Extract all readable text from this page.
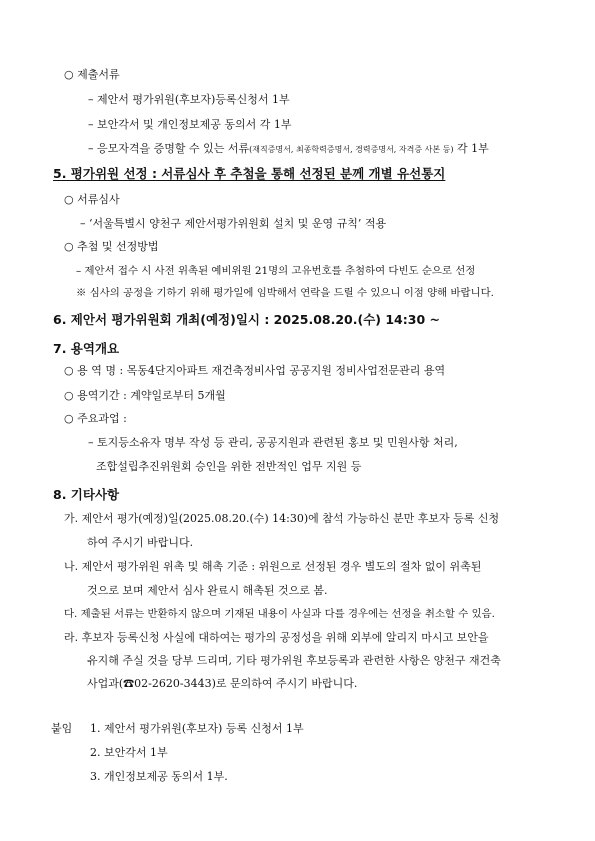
○ 제출서류
– 제안서 평가위원(후보자)등록신청서 1부
– 보안각서 및 개인정보제공 동의서 각 1부
– 응모자격을 증명할 수 있는 서류(재직증명서, 최종학력증명서, 경력증명서, 자격증 사본 등) 각 1부
5. 평가위원 선정 : 서류심사 후 추첨을 통해 선정된 분께 개별 유선통지
○ 서류심사
– ‘서울특별시 양천구 제안서평가위원회 설치 및 운영 규칙’ 적용
○ 추첨 및 선정방법
– 제안서 접수 시 사전 위촉된 예비위원 21명의 고유번호를 추첨하여 다빈도 순으로 선정
※ 심사의 공정을 기하기 위해 평가일에 임박해서 연락을 드릴 수 있으니 이점 양해 바랍니다.
6. 제안서 평가위원회 개최(예정)일시 : 2025.08.20.(수) 14:30 ~
7. 용역개요
○ 용 역 명 : 목동4단지아파트 재건축정비사업 공공지원 정비사업전문관리 용역
○ 용역기간 : 계약일로부터 5개월
○ 주요과업 :
– 토지등소유자 명부 작성 등 관리, 공공지원과 관련된 홍보 및 민원사항 처리,
조합설립추진위원회 승인을 위한 전반적인 업무 지원 등
8. 기타사항
가. 제안서 평가(예정)일(2025.08.20.(수) 14:30)에 참석 가능하신 분만 후보자 등록 신청
하여 주시기 바랍니다.
나. 제안서 평가위원 위촉 및 해촉 기준 : 위원으로 선정된 경우 별도의 절차 없이 위촉된
것으로 보며 제안서 심사 완료시 해촉된 것으로 봄.
다. 제출된 서류는 반환하지 않으며 기재된 내용이 사실과 다를 경우에는 선정을 취소할 수 있음.
라. 후보자 등록신청 사실에 대하여는 평가의 공정성을 위해 외부에 알리지 마시고 보안을
유지해 주실 것을 당부 드리며, 기타 평가위원 후보등록과 관련한 사항은 양천구 재건축
사업과(☎02-2620-3443)로 문의하여 주시기 바랍니다.
붙임 1. 제안서 평가위원(후보자) 등록 신청서 1부
2. 보안각서 1부
3. 개인정보제공 동의서 1부.
